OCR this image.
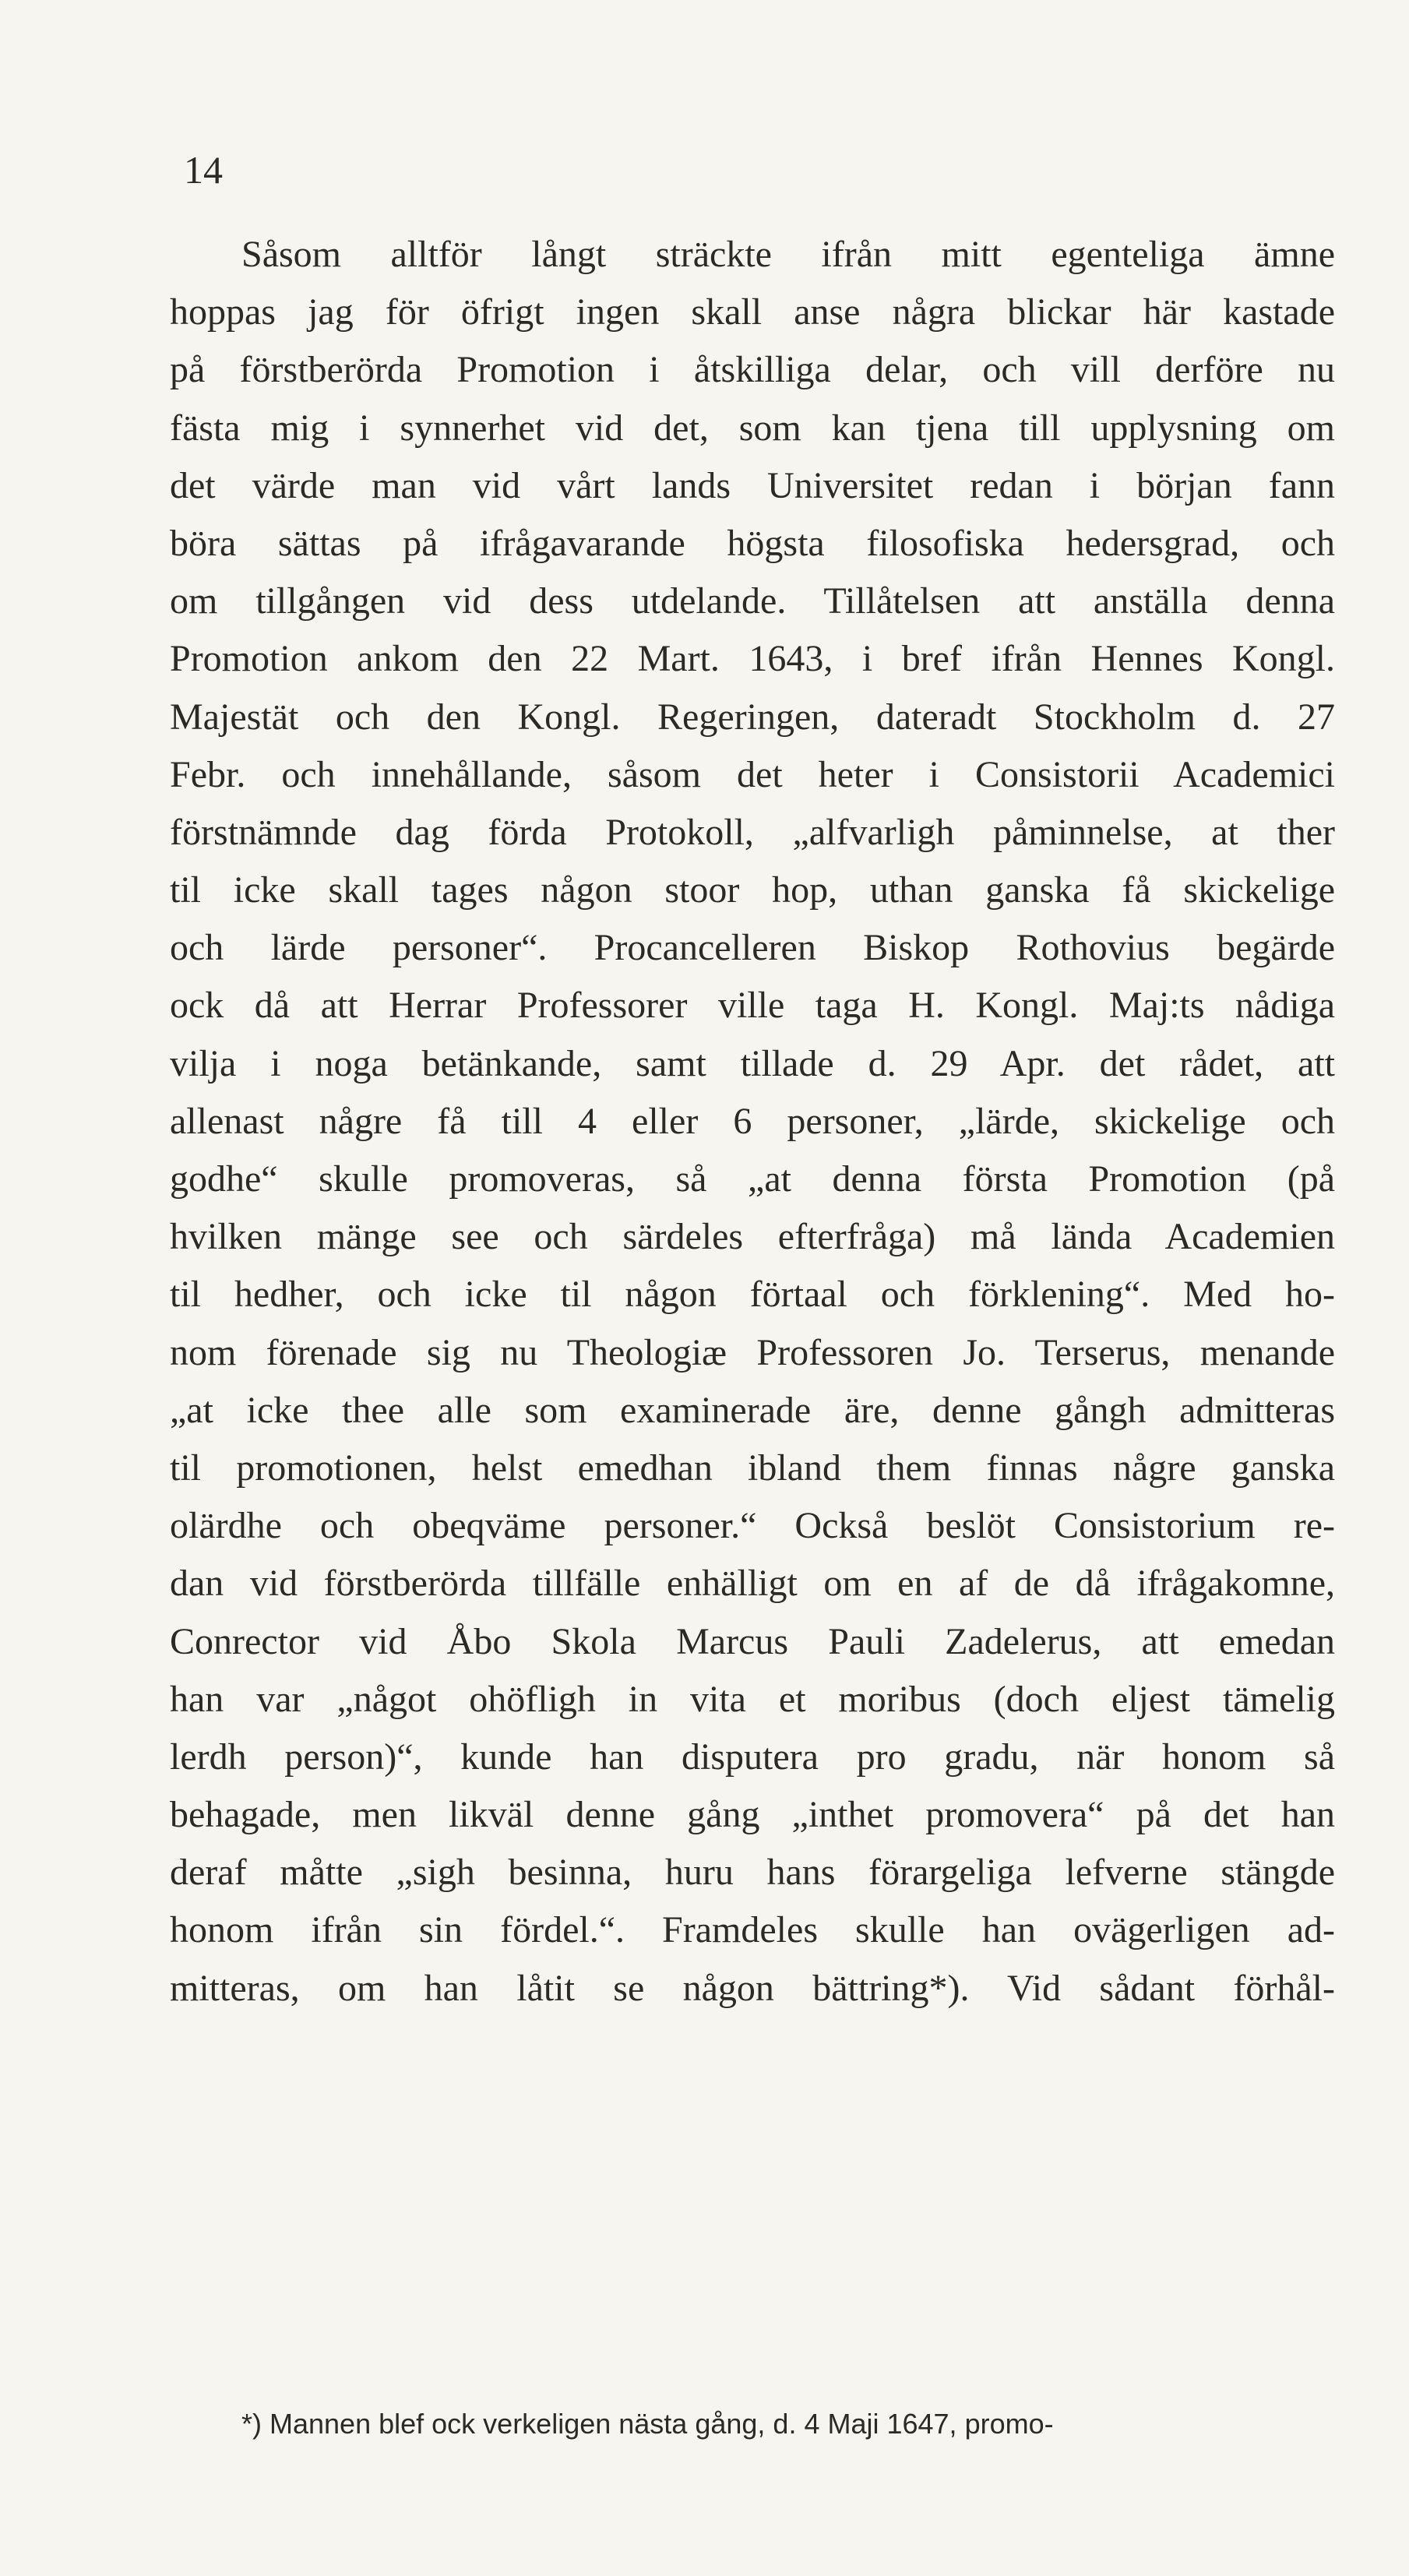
14
Såsom alltför långt sträckte ifrån mitt egenteliga ämne
hoppas jag för öfrigt ingen skall anse några blickar här kastade
på förstberörda Promotion i åtskilliga delar, och vill derföre nu
fästa mig i synnerhet vid det, som kan tjena till upplysning om
det värde man vid vårt lands Universitet redan i början fann
böra sättas på ifrågavarande högsta filosofiska hedersgrad, och
om tillgången vid dess utdelande. Tillåtelsen att anställa denna
Promotion ankom den 22 Mart. 1643, i bref ifrån Hennes Kongl.
Majestät och den Kongl. Regeringen, dateradt Stockholm d. 27
Febr. och innehållande, såsom det heter i Consistorii Academici
förstnämnde dag förda Protokoll, „alfvarligh påminnelse, at ther
til icke skall tages någon stoor hop, uthan ganska få skickelige
och lärde personer“. Procancelleren Biskop Rothovius begärde
ock då att Herrar Professorer ville taga H. Kongl. Maj:ts nådiga
vilja i noga betänkande, samt tillade d. 29 Apr. det rådet, att
allenast någre få till 4 eller 6 personer, „lärde, skickelige och
godhe“ skulle promoveras, så „at denna första Promotion (på
hvilken mänge see och särdeles efterfråga) må lända Academien
til hedher, och icke til någon förtaal och förklening“. Med ho-
nom förenade sig nu Theologiæ Professoren Jo. Terserus, menande
„at icke thee alle som examinerade äre, denne gångh admitteras
til promotionen, helst emedhan ibland them finnas någre ganska
olärdhe och obeqväme personer.“ Också beslöt Consistorium re-
dan vid förstberörda tillfälle enhälligt om en af de då ifrågakomne,
Conrector vid Åbo Skola Marcus Pauli Zadelerus, att emedan
han var „något ohöfligh in vita et moribus (doch eljest tämelig
lerdh person)“, kunde han disputera pro gradu, när honom så
behagade, men likväl denne gång „inthet promovera“ på det han
deraf måtte „sigh besinna, huru hans förargeliga lefverne stängde
honom ifrån sin fördel.“. Framdeles skulle han ovägerligen ad-
mitteras, om han låtit se någon bättring*). Vid sådant förhål-
*) Mannen blef ock verkeligen nästa gång, d. 4 Maji 1647, promo-
